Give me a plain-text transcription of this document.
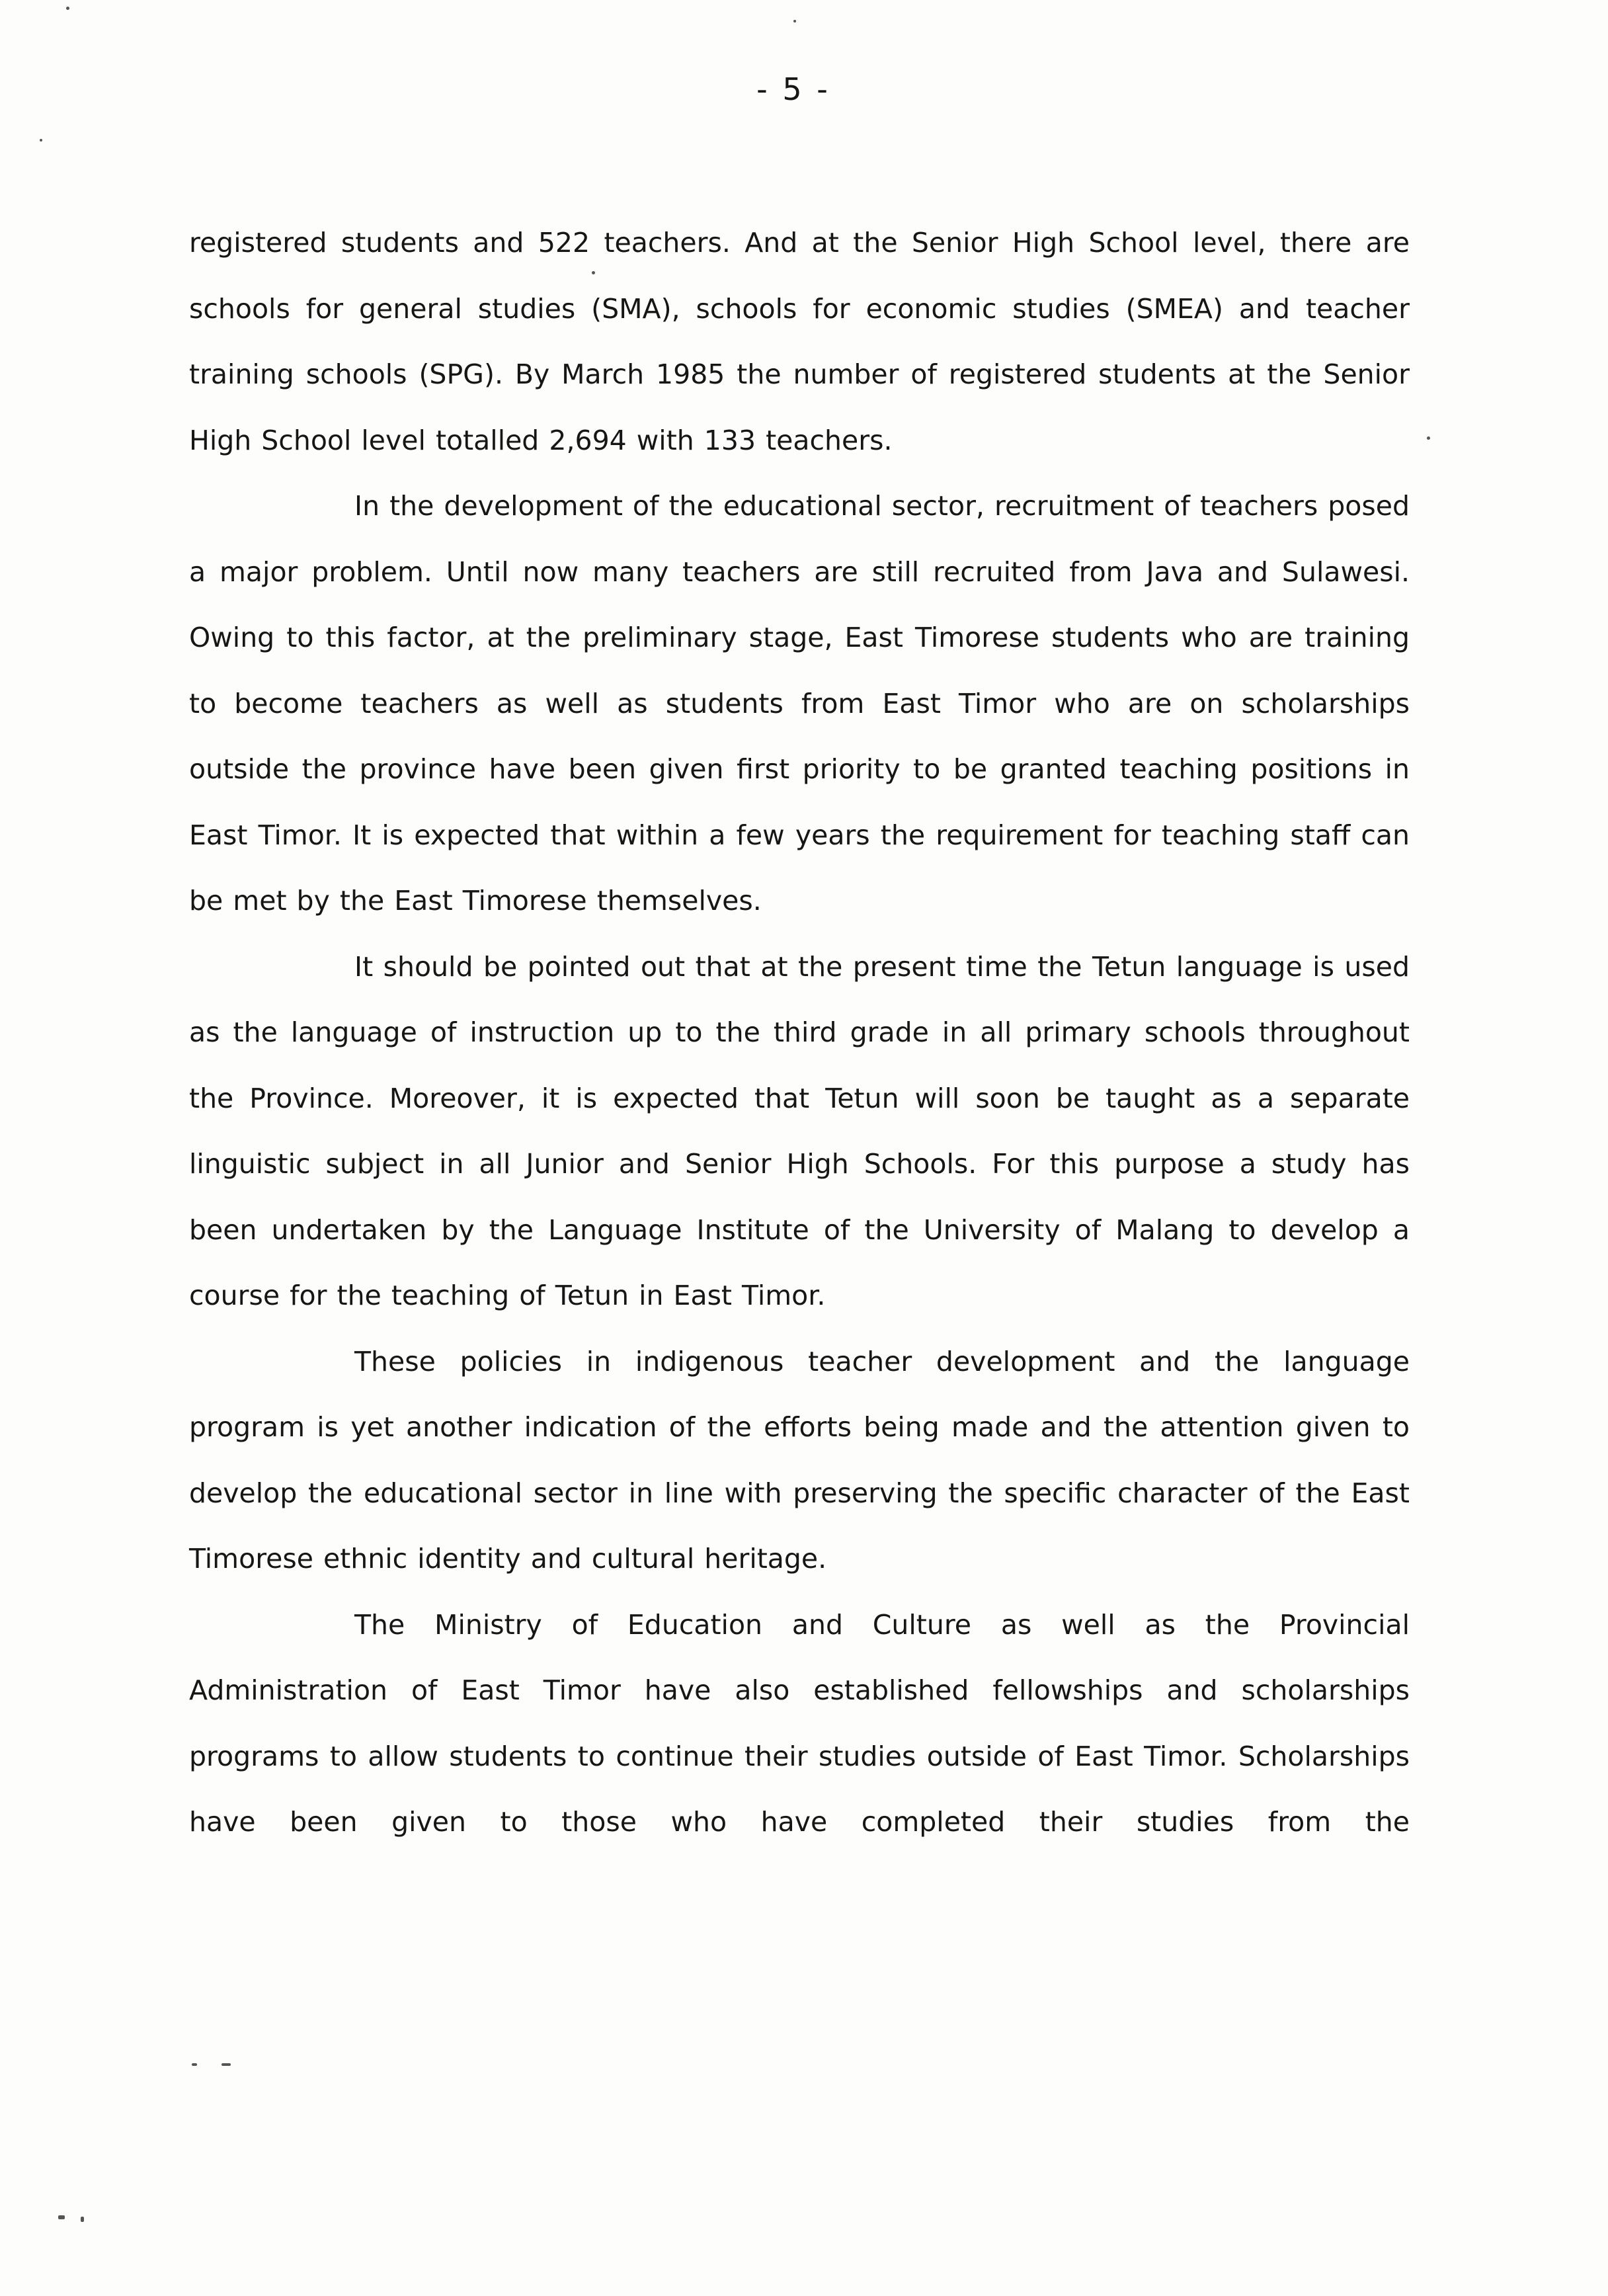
- 5 -

registered students and 522 teachers. And at the Senior High School level, there are schools for general studies (SMA), schools for economic studies (SMEA) and teacher training schools (SPG). By March 1985 the number of registered students at the Senior High School level totalled 2,694 with 133 teachers.

In the development of the educational sector, recruitment of teachers posed a major problem. Until now many teachers are still recruited from Java and Sulawesi. Owing to this factor, at the preliminary stage, East Timorese students who are training to become teachers as well as students from East Timor who are on scholarships outside the province have been given first priority to be granted teaching positions in East Timor. It is expected that within a few years the requirement for teaching staff can be met by the East Timorese themselves.

It should be pointed out that at the present time the Tetun language is used as the language of instruction up to the third grade in all primary schools throughout the Province. Moreover, it is expected that Tetun will soon be taught as a separate linguistic subject in all Junior and Senior High Schools. For this purpose a study has been undertaken by the Language Institute of the University of Malang to develop a course for the teaching of Tetun in East Timor.

These policies in indigenous teacher development and the language program is yet another indication of the efforts being made and the attention given to develop the educational sector in line with preserving the specific character of the East Timorese ethnic identity and cultural heritage.

The Ministry of Education and Culture as well as the Provincial Administration of East Timor have also established fellowships and scholarships programs to allow students to continue their studies outside of East Timor. Scholarships have been given to those who have completed their studies from the
